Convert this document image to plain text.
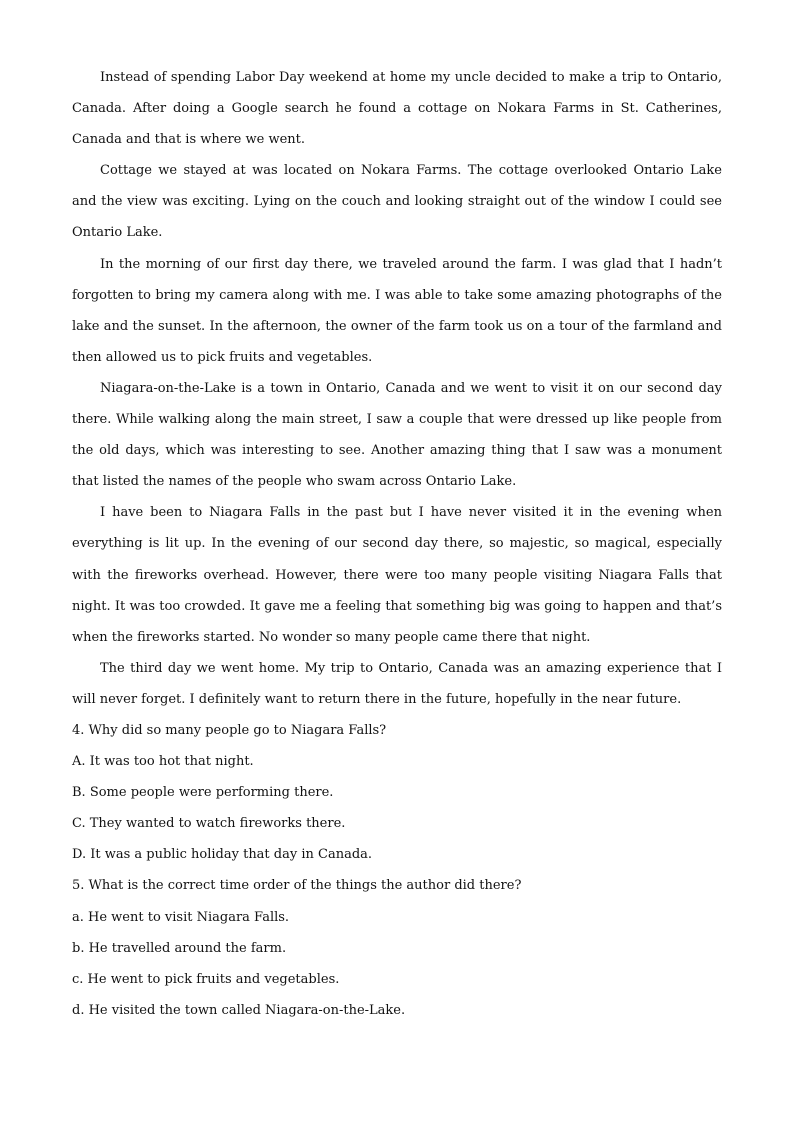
Instead of spending Labor Day weekend at home my uncle decided to make a trip to Ontario, Canada. After doing a Google search he found a cottage on Nokara Farms in St. Catherines, Canada and that is where we went.

Cottage we stayed at was located on Nokara Farms. The cottage overlooked Ontario Lake and the view was exciting. Lying on the couch and looking straight out of the window I could see Ontario Lake.

In the morning of our first day there, we traveled around the farm. I was glad that I hadn’t forgotten to bring my camera along with me. I was able to take some amazing photographs of the lake and the sunset. In the afternoon, the owner of the farm took us on a tour of the farmland and then allowed us to pick fruits and vegetables.

Niagara-on-the-Lake is a town in Ontario, Canada and we went to visit it on our second day there. While walking along the main street, I saw a couple that were dressed up like people from the old days, which was interesting to see. Another amazing thing that I saw was a monument that listed the names of the people who swam across Ontario Lake.

I have been to Niagara Falls in the past but I have never visited it in the evening when everything is lit up. In the evening of our second day there, so majestic, so magical, especially with the fireworks overhead. However, there were too many people visiting Niagara Falls that night. It was too crowded. It gave me a feeling that something big was going to happen and that’s when the fireworks started. No wonder so many people came there that night.

The third day we went home. My trip to Ontario, Canada was an amazing experience that I will never forget. I definitely want to return there in the future, hopefully in the near future.

4. Why did so many people go to Niagara Falls?

A. It was too hot that night.

B. Some people were performing there.

C. They wanted to watch fireworks there.

D. It was a public holiday that day in Canada.

5. What is the correct time order of the things the author did there?

a. He went to visit Niagara Falls.

b. He travelled around the farm.

c. He went to pick fruits and vegetables.

d. He visited the town called Niagara-on-the-Lake.
